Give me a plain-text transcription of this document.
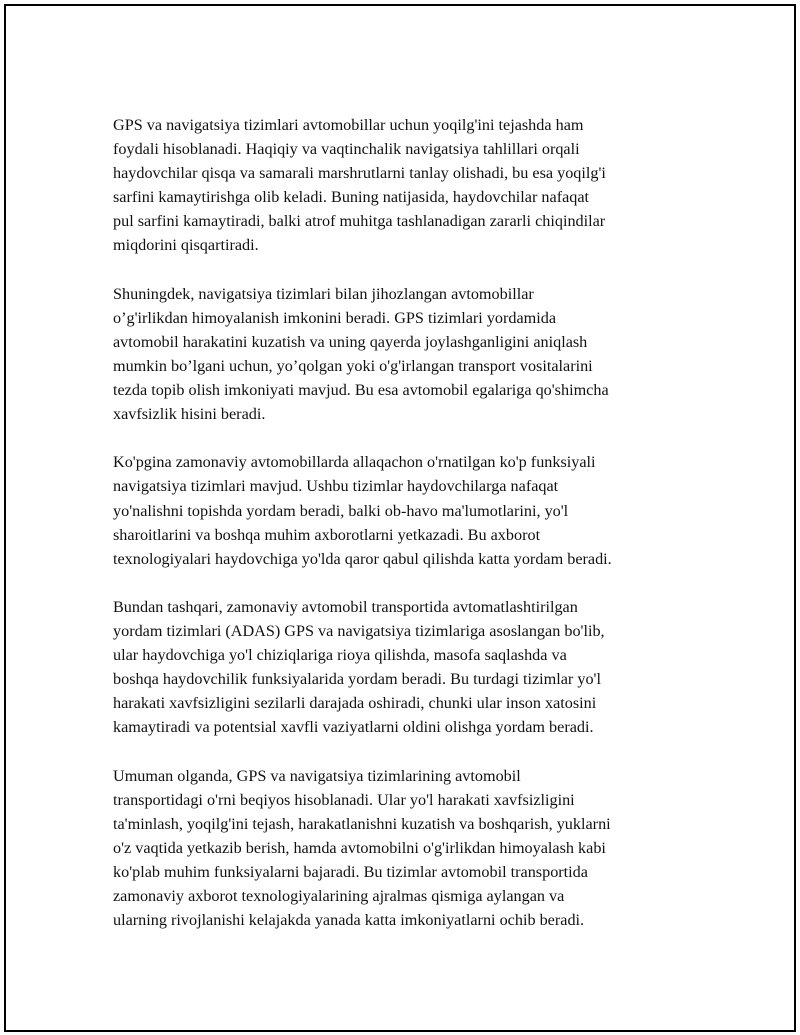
GPS va navigatsiya tizimlari avtomobillar uchun yoqilg'ini tejashda ham
foydali hisoblanadi. Haqiqiy va vaqtinchalik navigatsiya tahlillari orqali
haydovchilar qisqa va samarali marshrutlarni tanlay olishadi, bu esa yoqilg'i
sarfini kamaytirishga olib keladi. Buning natijasida, haydovchilar nafaqat
pul sarfini kamaytiradi, balki atrof muhitga tashlanadigan zararli chiqindilar
miqdorini qisqartiradi.

Shuningdek, navigatsiya tizimlari bilan jihozlangan avtomobillar
o’g'irlikdan himoyalanish imkonini beradi. GPS tizimlari yordamida
avtomobil harakatini kuzatish va uning qayerda joylashganligini aniqlash
mumkin bo’lgani uchun, yo’qolgan yoki o'g'irlangan transport vositalarini
tezda topib olish imkoniyati mavjud. Bu esa avtomobil egalariga qo'shimcha
xavfsizlik hisini beradi.

Ko'pgina zamonaviy avtomobillarda allaqachon o'rnatilgan ko'p funksiyali
navigatsiya tizimlari mavjud. Ushbu tizimlar haydovchilarga nafaqat
yo'nalishni topishda yordam beradi, balki ob-havo ma'lumotlarini, yo'l
sharoitlarini va boshqa muhim axborotlarni yetkazadi. Bu axborot
texnologiyalari haydovchiga yo'lda qaror qabul qilishda katta yordam beradi.

Bundan tashqari, zamonaviy avtomobil transportida avtomatlashtirilgan
yordam tizimlari (ADAS) GPS va navigatsiya tizimlariga asoslangan bo'lib,
ular haydovchiga yo'l chiziqlariga rioya qilishda, masofa saqlashda va
boshqa haydovchilik funksiyalarida yordam beradi. Bu turdagi tizimlar yo'l
harakati xavfsizligini sezilarli darajada oshiradi, chunki ular inson xatosini
kamaytiradi va potentsial xavfli vaziyatlarni oldini olishga yordam beradi.

Umuman olganda, GPS va navigatsiya tizimlarining avtomobil
transportidagi o'rni beqiyos hisoblanadi. Ular yo'l harakati xavfsizligini
ta'minlash, yoqilg'ini tejash, harakatlanishni kuzatish va boshqarish, yuklarni
o'z vaqtida yetkazib berish, hamda avtomobilni o'g'irlikdan himoyalash kabi
ko'plab muhim funksiyalarni bajaradi. Bu tizimlar avtomobil transportida
zamonaviy axborot texnologiyalarining ajralmas qismiga aylangan va
ularning rivojlanishi kelajakda yanada katta imkoniyatlarni ochib beradi.
